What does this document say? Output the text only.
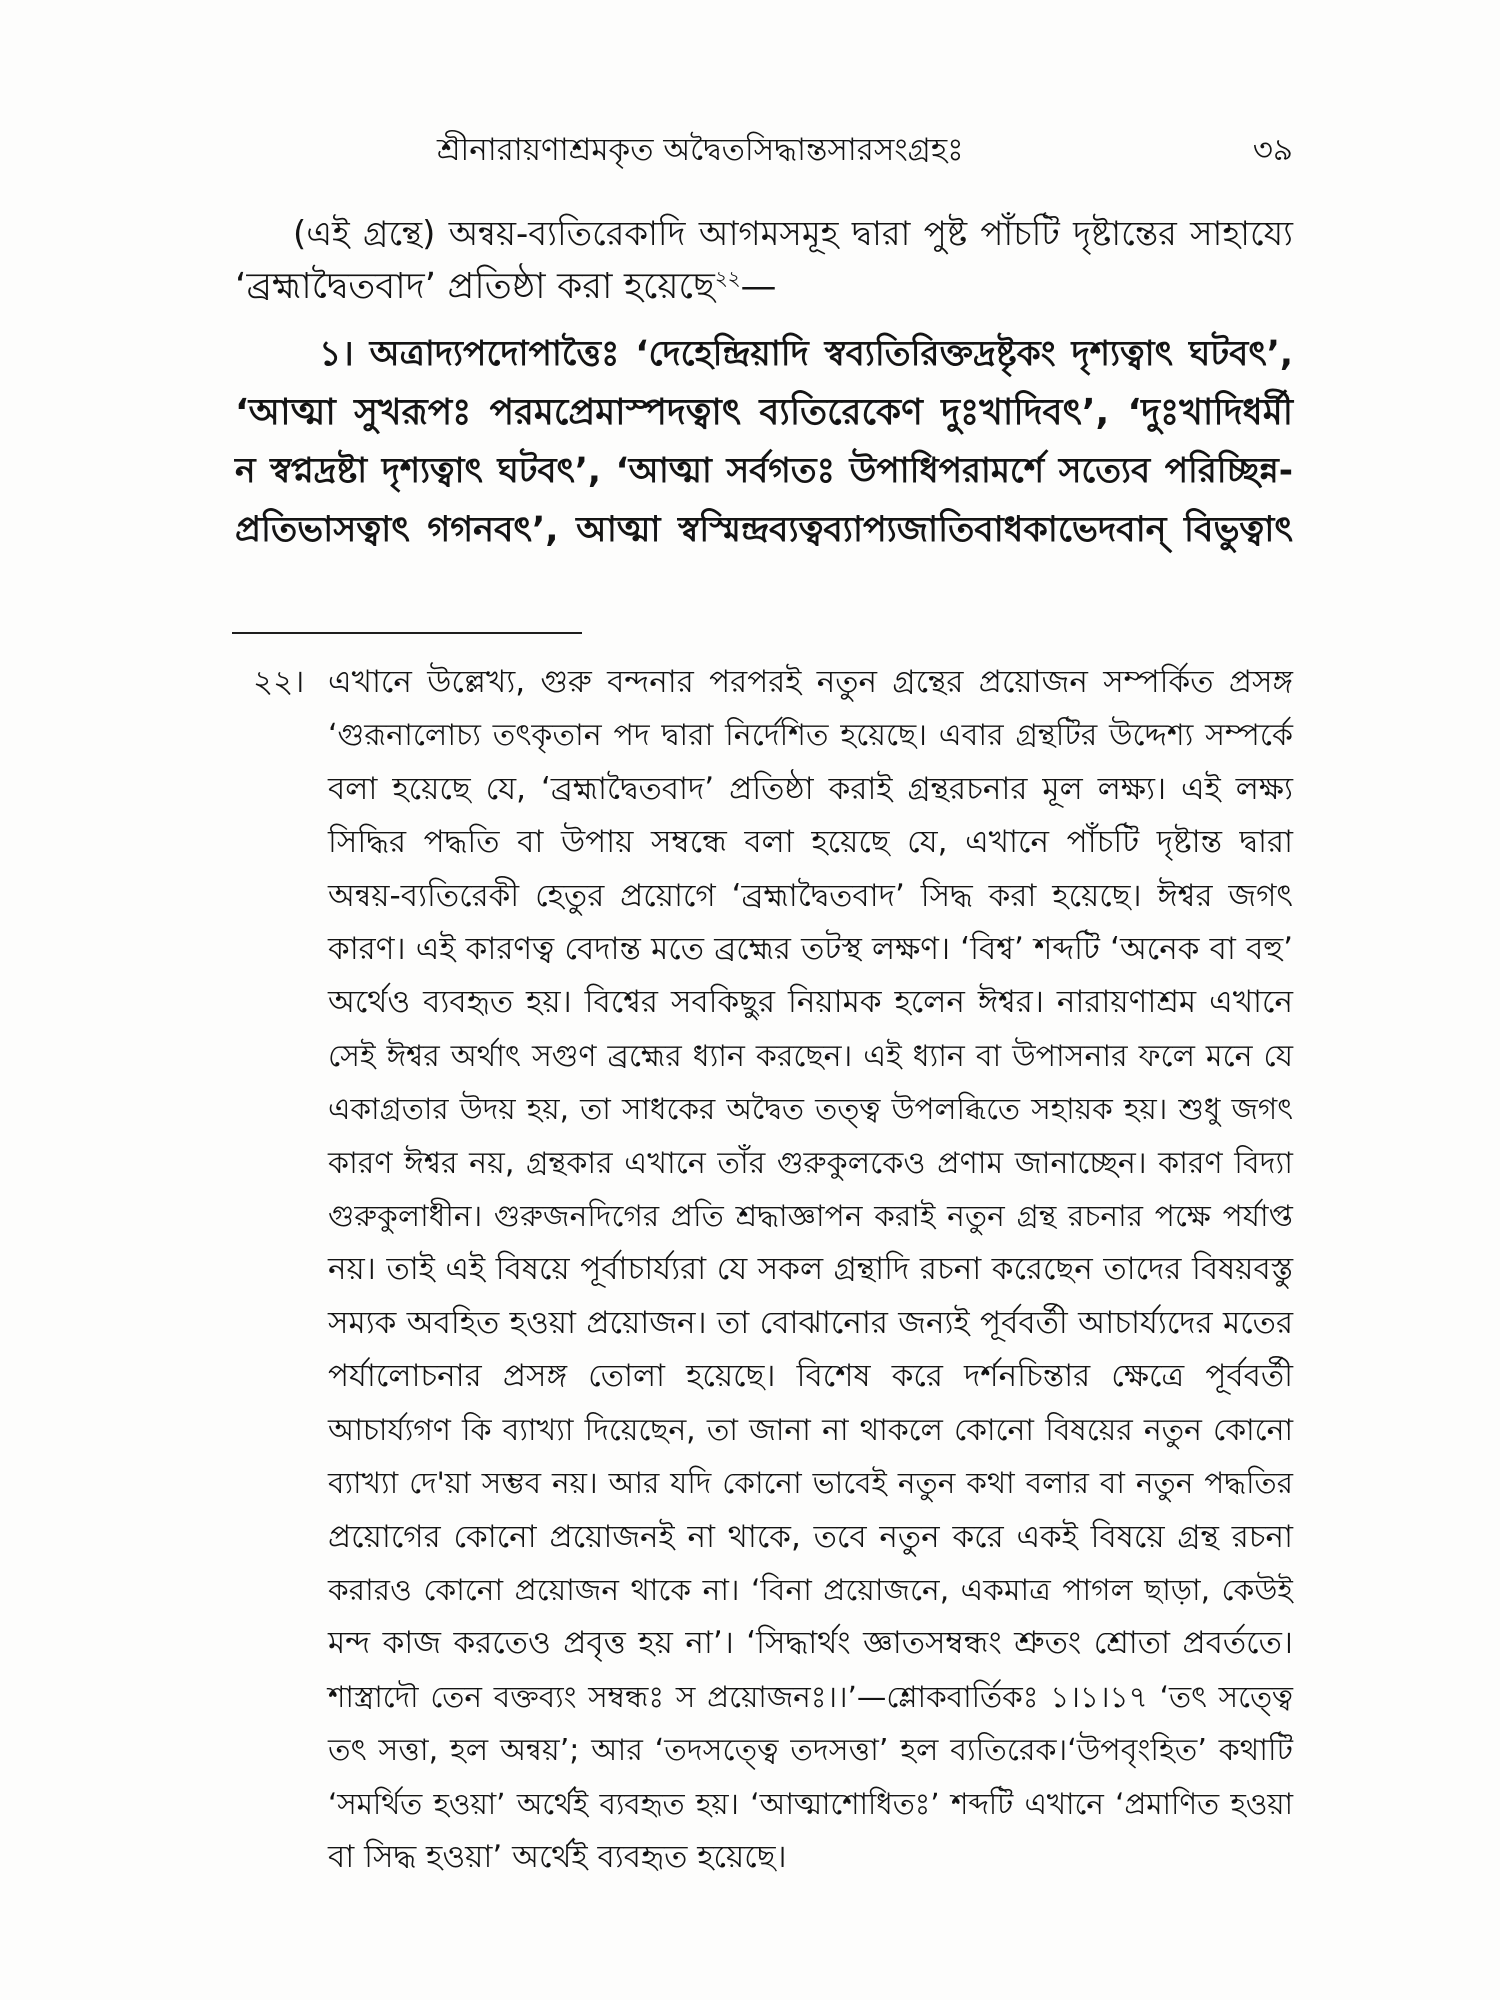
শ্রীনারায়ণাশ্রমকৃত অদ্বৈতসিদ্ধান্তসারসংগ্রহঃ	৩৯
(এই গ্রন্থে) অন্বয়-ব্যতিরেকাদি আগমসমূহ দ্বারা পুষ্ট পাঁচটি দৃষ্টান্তের সাহায্যে
‘ব্রহ্মাদ্বৈতবাদ’ প্রতিষ্ঠা করা হয়েছে$^{২২}$—
১। অত্রাদ্যপদোপাত্তৈঃ ‘দেহেন্দ্রিয়াদি স্বব্যতিরিক্তদ্রষ্টৃকং দৃশ্যত্বাৎ ঘটবৎ’,
‘আত্মা সুখরূপঃ পরমপ্রেমাস্পদত্বাৎ ব্যতিরেকেণ দুঃখাদিবৎ’, ‘দুঃখাদিধর্মী
ন স্বপ্নদ্রষ্টা দৃশ্যত্বাৎ ঘটবৎ’, ‘আত্মা সর্বগতঃ উপাধিপরামর্শে সত্যেব পরিচ্ছিন্ন-
প্রতিভাসত্বাৎ গগনবৎ’, আত্মা স্বস্মিন্দ্রব্যত্বব্যাপ্যজাতিবাধকাভেদবান্ বিভুত্বাৎ
২২। এখানে উল্লেখ্য, গুরু বন্দনার পরপরই নতুন গ্রন্থের প্রয়োজন সম্পর্কিত প্রসঙ্গ
‘গুরূনালোচ্য তৎকৃতান পদ দ্বারা নির্দেশিত হয়েছে। এবার গ্রন্থটির উদ্দেশ্য সম্পর্কে
বলা হয়েছে যে, ‘ব্রহ্মাদ্বৈতবাদ’ প্রতিষ্ঠা করাই গ্রন্থরচনার মূল লক্ষ্য। এই লক্ষ্য
সিদ্ধির পদ্ধতি বা উপায় সম্বন্ধে বলা হয়েছে যে, এখানে পাঁচটি দৃষ্টান্ত দ্বারা
অন্বয়-ব্যতিরেকী হেতুর প্রয়োগে ‘ব্রহ্মাদ্বৈতবাদ’ সিদ্ধ করা হয়েছে। ঈশ্বর জগৎ
কারণ। এই কারণত্ব বেদান্ত মতে ব্রহ্মের তটস্থ লক্ষণ। ‘বিশ্ব’ শব্দটি ‘অনেক বা বহু’
অর্থেও ব্যবহৃত হয়। বিশ্বের সবকিছুর নিয়ামক হলেন ঈশ্বর। নারায়ণাশ্রম এখানে
সেই ঈশ্বর অর্থাৎ সগুণ ব্রহ্মের ধ্যান করছেন। এই ধ্যান বা উপাসনার ফলে মনে যে
একাগ্রতার উদয় হয়, তা সাধকের অদ্বৈত তত্ত্ব উপলব্ধিতে সহায়ক হয়। শুধু জগৎ
কারণ ঈশ্বর নয়, গ্রন্থকার এখানে তাঁর গুরুকুলকেও প্রণাম জানাচ্ছেন। কারণ বিদ্যা
গুরুকুলাধীন। গুরুজনদিগের প্রতি শ্রদ্ধাজ্ঞাপন করাই নতুন গ্রন্থ রচনার পক্ষে পর্যাপ্ত
নয়। তাই এই বিষয়ে পূর্বাচার্য্যরা যে সকল গ্রন্থাদি রচনা করেছেন তাদের বিষয়বস্তু
সম্যক অবহিত হওয়া প্রয়োজন। তা বোঝানোর জন্যই পূর্ববর্তী আচার্য্যদের মতের
পর্যালোচনার প্রসঙ্গ তোলা হয়েছে। বিশেষ করে দর্শনচিন্তার ক্ষেত্রে পূর্ববর্তী
আচার্য্যগণ কি ব্যাখ্যা দিয়েছেন, তা জানা না থাকলে কোনো বিষয়ের নতুন কোনো
ব্যাখ্যা দে'য়া সম্ভব নয়। আর যদি কোনো ভাবেই নতুন কথা বলার বা নতুন পদ্ধতির
প্রয়োগের কোনো প্রয়োজনই না থাকে, তবে নতুন করে একই বিষয়ে গ্রন্থ রচনা
করারও কোনো প্রয়োজন থাকে না। ‘বিনা প্রয়োজনে, একমাত্র পাগল ছাড়া, কেউই
মন্দ কাজ করতেও প্রবৃত্ত হয় না’। ‘সিদ্ধার্থং জ্ঞাতসম্বন্ধং শ্রুতং শ্রোতা প্রবর্ততে।
শাস্ত্রাদৌ তেন বক্তব্যং সম্বন্ধঃ স প্রয়োজনঃ।।’—শ্লোকবার্তিকঃ ১।১।১৭ ‘তৎ সত্ত্বে
তৎ সত্তা, হল অন্বয়’; আর ‘তদসত্ত্বে তদসত্তা’ হল ব্যতিরেক।‘উপবৃংহিত’ কথাটি
‘সমর্থিত হওয়া’ অর্থেই ব্যবহৃত হয়। ‘আত্মাশোধিতঃ’ শব্দটি এখানে ‘প্রমাণিত হওয়া
বা সিদ্ধ হওয়া’ অর্থেই ব্যবহৃত হয়েছে।
